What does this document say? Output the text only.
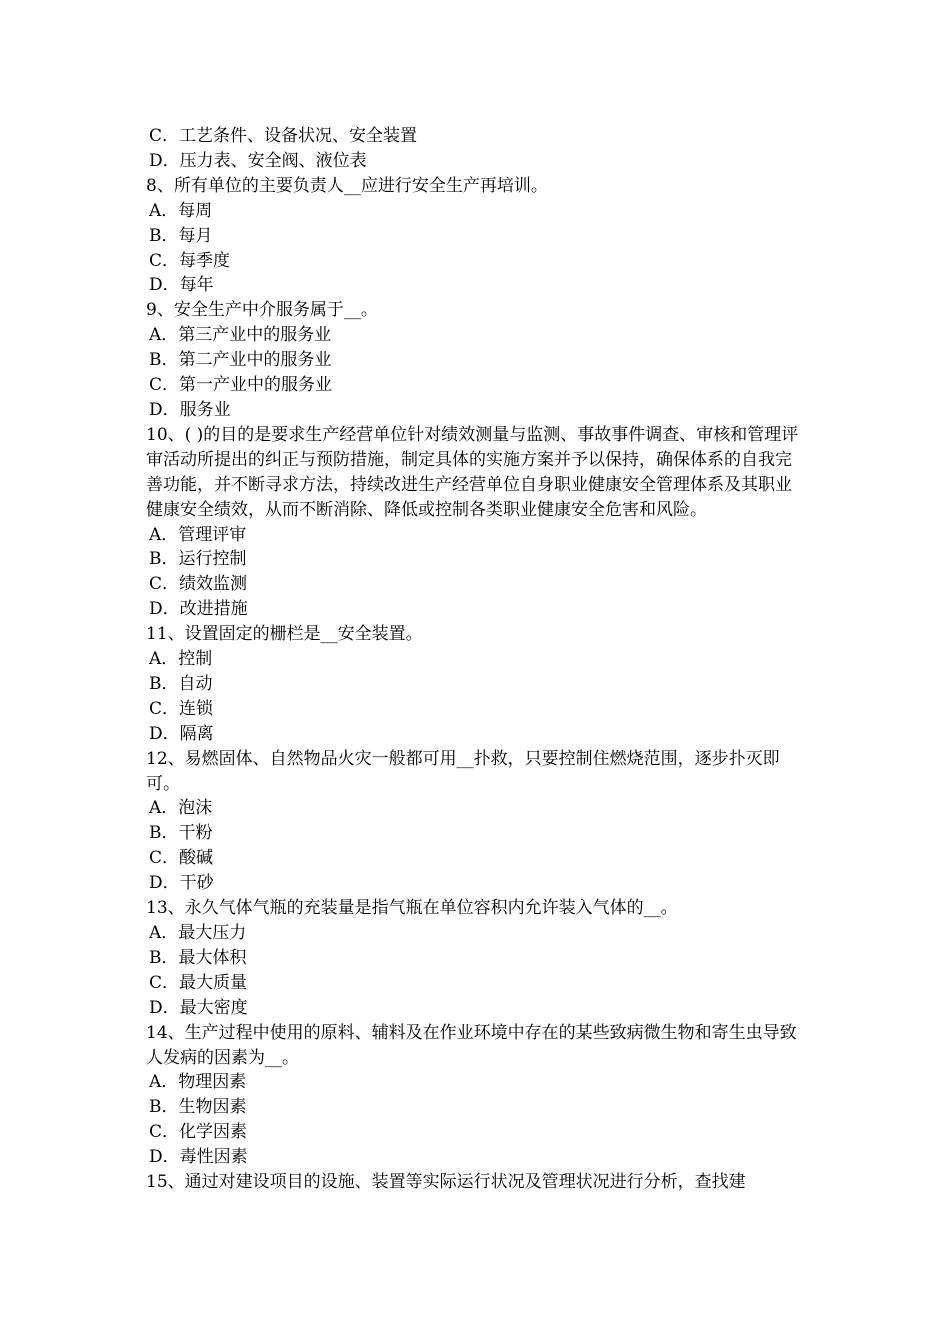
C．工艺条件、设备状况、安全装置
D．压力表、安全阀、液位表
8、所有单位的主要负责人__应进行安全生产再培训。
A．每周
B．每月
C．每季度
D．每年
9、安全生产中介服务属于__。
A．第三产业中的服务业
B．第二产业中的服务业
C．第一产业中的服务业
D．服务业
10、( )的目的是要求生产经营单位针对绩效测量与监测、事故事件调查、审核和管理评审活动所提出的纠正与预防措施，制定具体的实施方案并予以保持，确保体系的自我完善功能，并不断寻求方法，持续改进生产经营单位自身职业健康安全管理体系及其职业健康安全绩效，从而不断消除、降低或控制各类职业健康安全危害和风险。
A．管理评审
B．运行控制
C．绩效监测
D．改进措施
11、设置固定的栅栏是__安全装置。
A．控制
B．自动
C．连锁
D．隔离
12、易燃固体、自然物品火灾一般都可用__扑救，只要控制住燃烧范围，逐步扑灭即可。
A．泡沫
B．干粉
C．酸碱
D．干砂
13、永久气体气瓶的充装量是指气瓶在单位容积内允许装入气体的__。
A．最大压力
B．最大体积
C．最大质量
D．最大密度
14、生产过程中使用的原料、辅料及在作业环境中存在的某些致病微生物和寄生虫导致人发病的因素为__。
A．物理因素
B．生物因素
C．化学因素
D．毒性因素
15、通过对建设项目的设施、装置等实际运行状况及管理状况进行分析，查找建
